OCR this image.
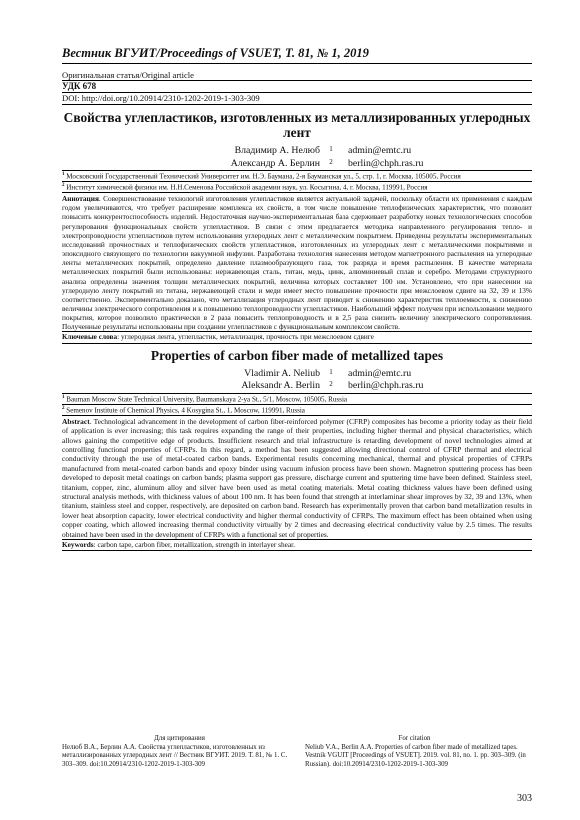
Вестник ВГУИТ/Proceedings of VSUET, Т. 81, № 1, 2019
Оригинальная статья/Original article
УДК 678
DOI: http://doi.org/10.20914/2310-1202-2019-1-303-309
Свойства углепластиков, изготовленных из металлизированных углеродных лент
Владимир А. Нелюб	1	admin@emtc.ru
Александр А. Берлин	2	berlin@chph.ras.ru
$^1$ Московский Государственный Технический Университет им. Н.Э. Баумана, 2-я Бауманская ул., 5, стр. 1, г. Москва, 105005, Россия
$^2$ Институт химической физики им. Н.Н.Семенова Российской академии наук, ул. Косыгина, 4, г. Москва, 119991, Россия
Аннотация. Совершенствование технологий изготовления углепластиков является актуальной задачей, поскольку области их применения с каждым годом увеличиваются, что требует расширение комплекса их свойств, в том числе повышение теплофизических характеристик, что позволит повысить конкурентоспособность изделий. Недостаточная научно-экспериментальная база сдерживает разработку новых технологических способов регулирования функциональных свойств углепластиков. В связи с этим предлагается методика направленного регулирования тепло- и электропроводности углепластиков путем использования углеродных лент с металлическим покрытием. Приведены результаты экспериментальных исследований прочностных и теплофизических свойств углепластиков, изготовленных из углеродных лент с металлическими покрытиями и эпоксидного связующего по технологии вакуумной инфузии. Разработана технология нанесения методом магнетронного распыления на углеродные ленты металлических покрытий, определено давление плазмообразующего газа, ток разряда и время распыления. В качестве материала металлических покрытий были использованы: нержавеющая сталь, титан, медь, цинк, алюминиевый сплав и серебро. Методами структурного анализа определены значения толщин металлических покрытий, величина которых составляет 100 нм. Установлено, что при нанесении на углеродную ленту покрытий из титана, нержавеющей стали и меди имеет место повышение прочности при межслоевом сдвиге на 32, 39 и 13% соответственно. Экспериментально доказано, что металлизация углеродных лент приводит к снижению характеристик теплоемкости, к снижению величины электрического сопротивления и к повышению теплопроводности углепластиков. Наибольший эффект получен при использовании медного покрытия, которое позволило практически в 2 раза повысить теплопроводность и в 2,5 раза снизить величину электрического сопротивления. Полученные результаты использованы при создании углепластиков с функциональным комплексом свойств.
Ключевые слова: углеродная лента, углепластик, металлизация, прочность при межслоевом сдвиге
Properties of carbon fiber made of metallized tapes
Vladimir A. Neliub	1	admin@emtc.ru
Aleksandr A. Berlin	2	berlin@chph.ras.ru
$^1$ Bauman Moscow State Technical University, Baumanskaya 2-ya St., 5/1, Moscow, 105005, Russia
$^2$ Semenov Institute of Chemical Physics, 4 Kosygina St., 1, Moscow, 119991, Russia
Abstract. Technological advancement in the development of carbon fiber-reinforced polymer (CFRP) composites has become a priority today as their field of application is ever increasing; this task requires expanding the range of their properties, including higher thermal and physical characteristics, which allows gaining the competitive edge of products. Insufficient research and trial infrastructure is retarding development of novel technologies aimed at controlling functional properties of CFRPs. In this regard, a method has been suggested allowing directional control of CFRP thermal and electrical conductivity through the use of metal-coated carbon bands. Experimental results concerning mechanical, thermal and physical properties of CFRPs manufactured from metal-coated carbon bands and epoxy binder using vacuum infusion process have been shown. Magnetron sputtering process has been developed to deposit metal coatings on carbon bands; plasma support gas pressure, discharge current and sputtering time have been defined. Stainless steel, titanium, copper, zinc, aluminum alloy and silver have been used as metal coating materials. Metal coating thickness values have been defined using structural analysis methods, with thickness values of about 100 nm. It has been found that strength at interlaminar shear improves by 32, 39 and 13%, when titanium, stainless steel and copper, respectively, are deposited on carbon band. Research has experimentally proven that carbon band metallization results in lower heat absorption capacity, lower electrical conductivity and higher thermal conductivity of CFRPs. The maximum effect has been obtained when using copper coating, which allowed increasing thermal conductivity virtually by 2 times and decreasing electrical conductivity value by 2.5 times. The results obtained have been used in the development of CFRPs with a functional set of properties.
Keywords: carbon tape, carbon fiber, metallization, strength in interlayer shear.
Для цитирования
Нелюб В.А., Берлин А.А. Свойства углепластиков, изготовленных из металлизированных углеродных лент // Вестник ВГУИТ. 2019. Т. 81, № 1. С. 303–309. doi:10.20914/2310-1202-2019-1-303-309
For citation
Neliub V.A., Berlin A.A. Properties of carbon fiber made of metallized tapes. Vestnik VGUIT [Proceedings of VSUET]. 2019. vol. 81, no. 1. pp. 303–309. (in Russian). doi:10.20914/2310-1202-2019-1-303-309
303
